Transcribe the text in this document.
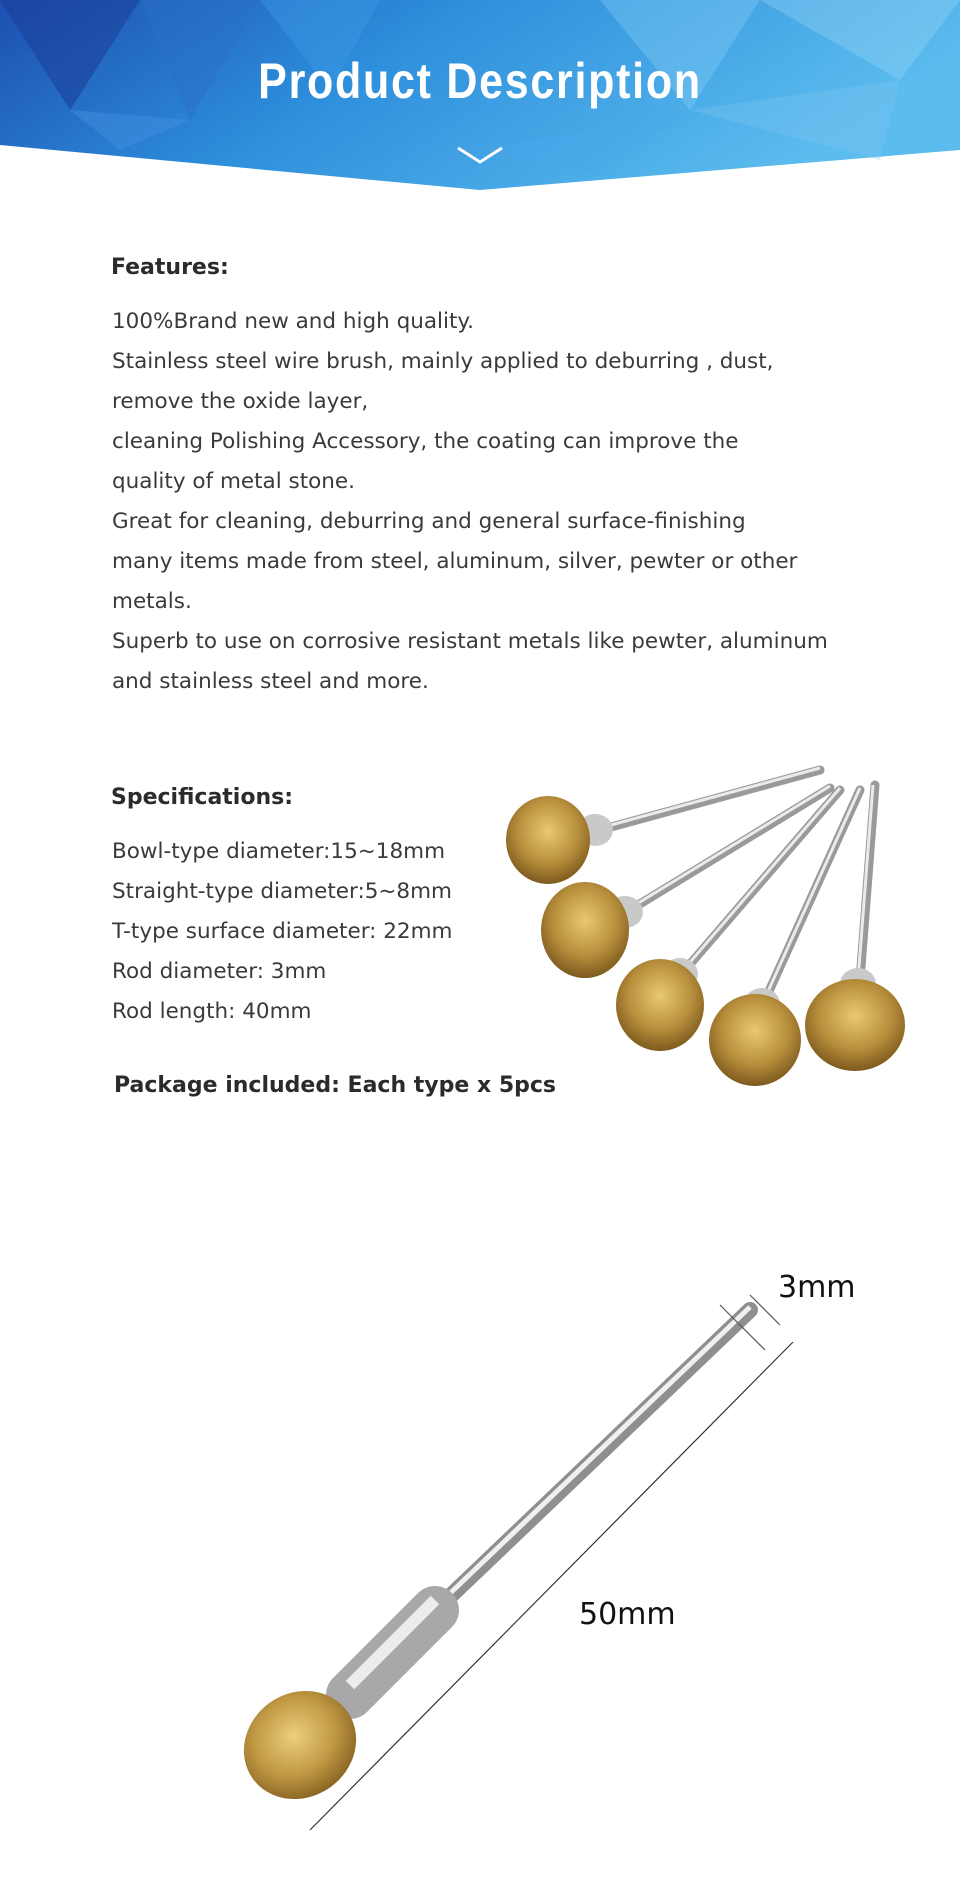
Product Description
Features:
100%Brand new and high quality.
Stainless steel wire brush, mainly applied to deburring , dust,
remove the oxide layer,
cleaning Polishing Accessory, the coating can improve the
quality of metal stone.
Great for cleaning, deburring and general surface-finishing
many items made from steel, aluminum, silver, pewter or other
metals.
Superb to use on corrosive resistant metals like pewter, aluminum
and stainless steel and more.
Specifications:
Bowl-type diameter:15~18mm
Straight-type diameter:5~8mm
T-type surface diameter: 22mm
Rod diameter: 3mm
Rod length: 40mm
Package included: Each type x 5pcs
3mm
50mm
